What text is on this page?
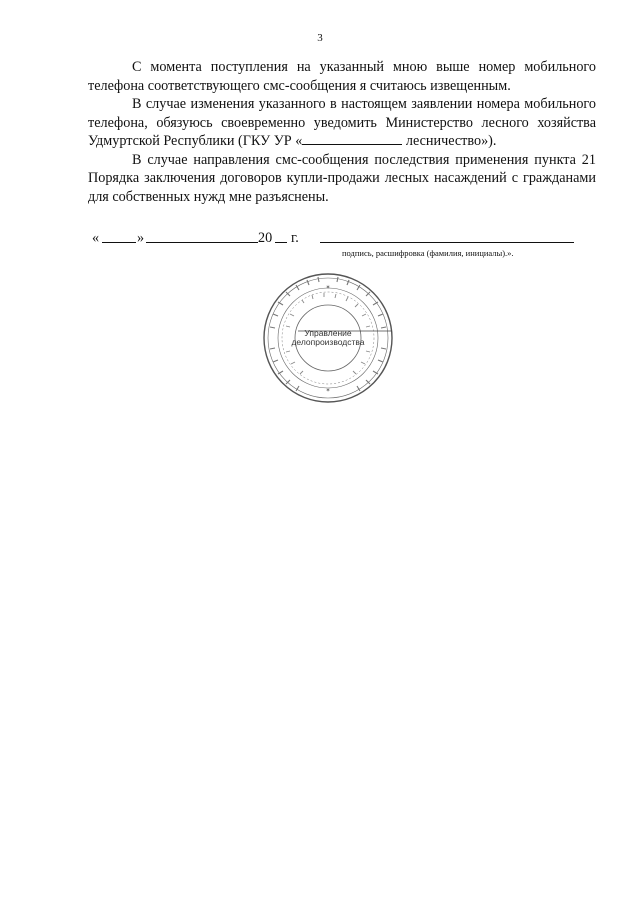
3

С момента поступления на указанный мною выше номер мобильного телефона соответствующего смс-сообщения я считаюсь извещенным.

В случае изменения указанного в настоящем заявлении номера мобильного телефона, обязуюсь своевременно уведомить Министерство лесного хозяйства Удмуртской Республики (ГКУ УР «	лесничество»).

В случае направления смс-сообщения последствия применения пункта 21 Порядка заключения договоров купли-продажи лесных насаждений с гражданами для собственных нужд мне разъяснены.

«	»	20 г.
подпись, расшифровка (фамилия, инициалы).».
✶
✶
Управление
делопроизводства
